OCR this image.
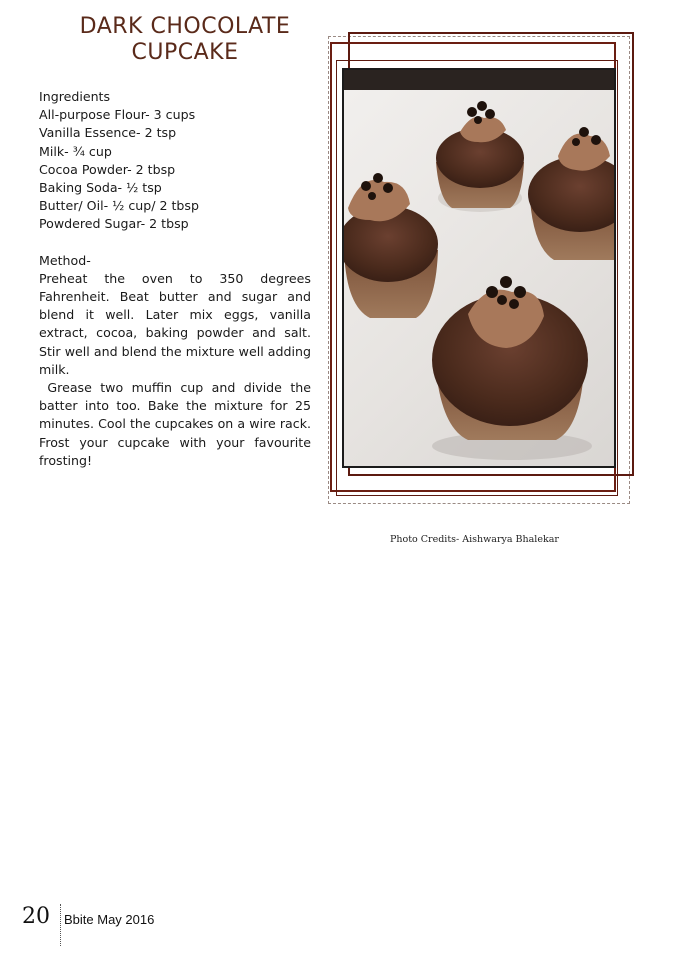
DARK CHOCOLATE
CUPCAKE
Ingredients
All-purpose Flour- 3 cups
Vanilla Essence- 2 tsp
Milk- ¾ cup
Cocoa Powder- 2 tbsp
Baking Soda- ½ tsp
Butter/ Oil- ½ cup/ 2 tbsp
Powdered Sugar- 2 tbsp
Method-

Preheat the oven to 350 degrees Fahrenheit. Beat butter and sugar and blend it well. Later mix eggs, vanilla extract, cocoa, baking powder and salt. Stir well and blend the mixture well adding milk.

Grease two muffin cup and divide the batter into too. Bake the mixture for 25 minutes. Cool the cupcakes on a wire rack. Frost your cupcake with your favourite frosting!

Photo Credits- Aishwarya Bhalekar
20 Bbite May 2016
